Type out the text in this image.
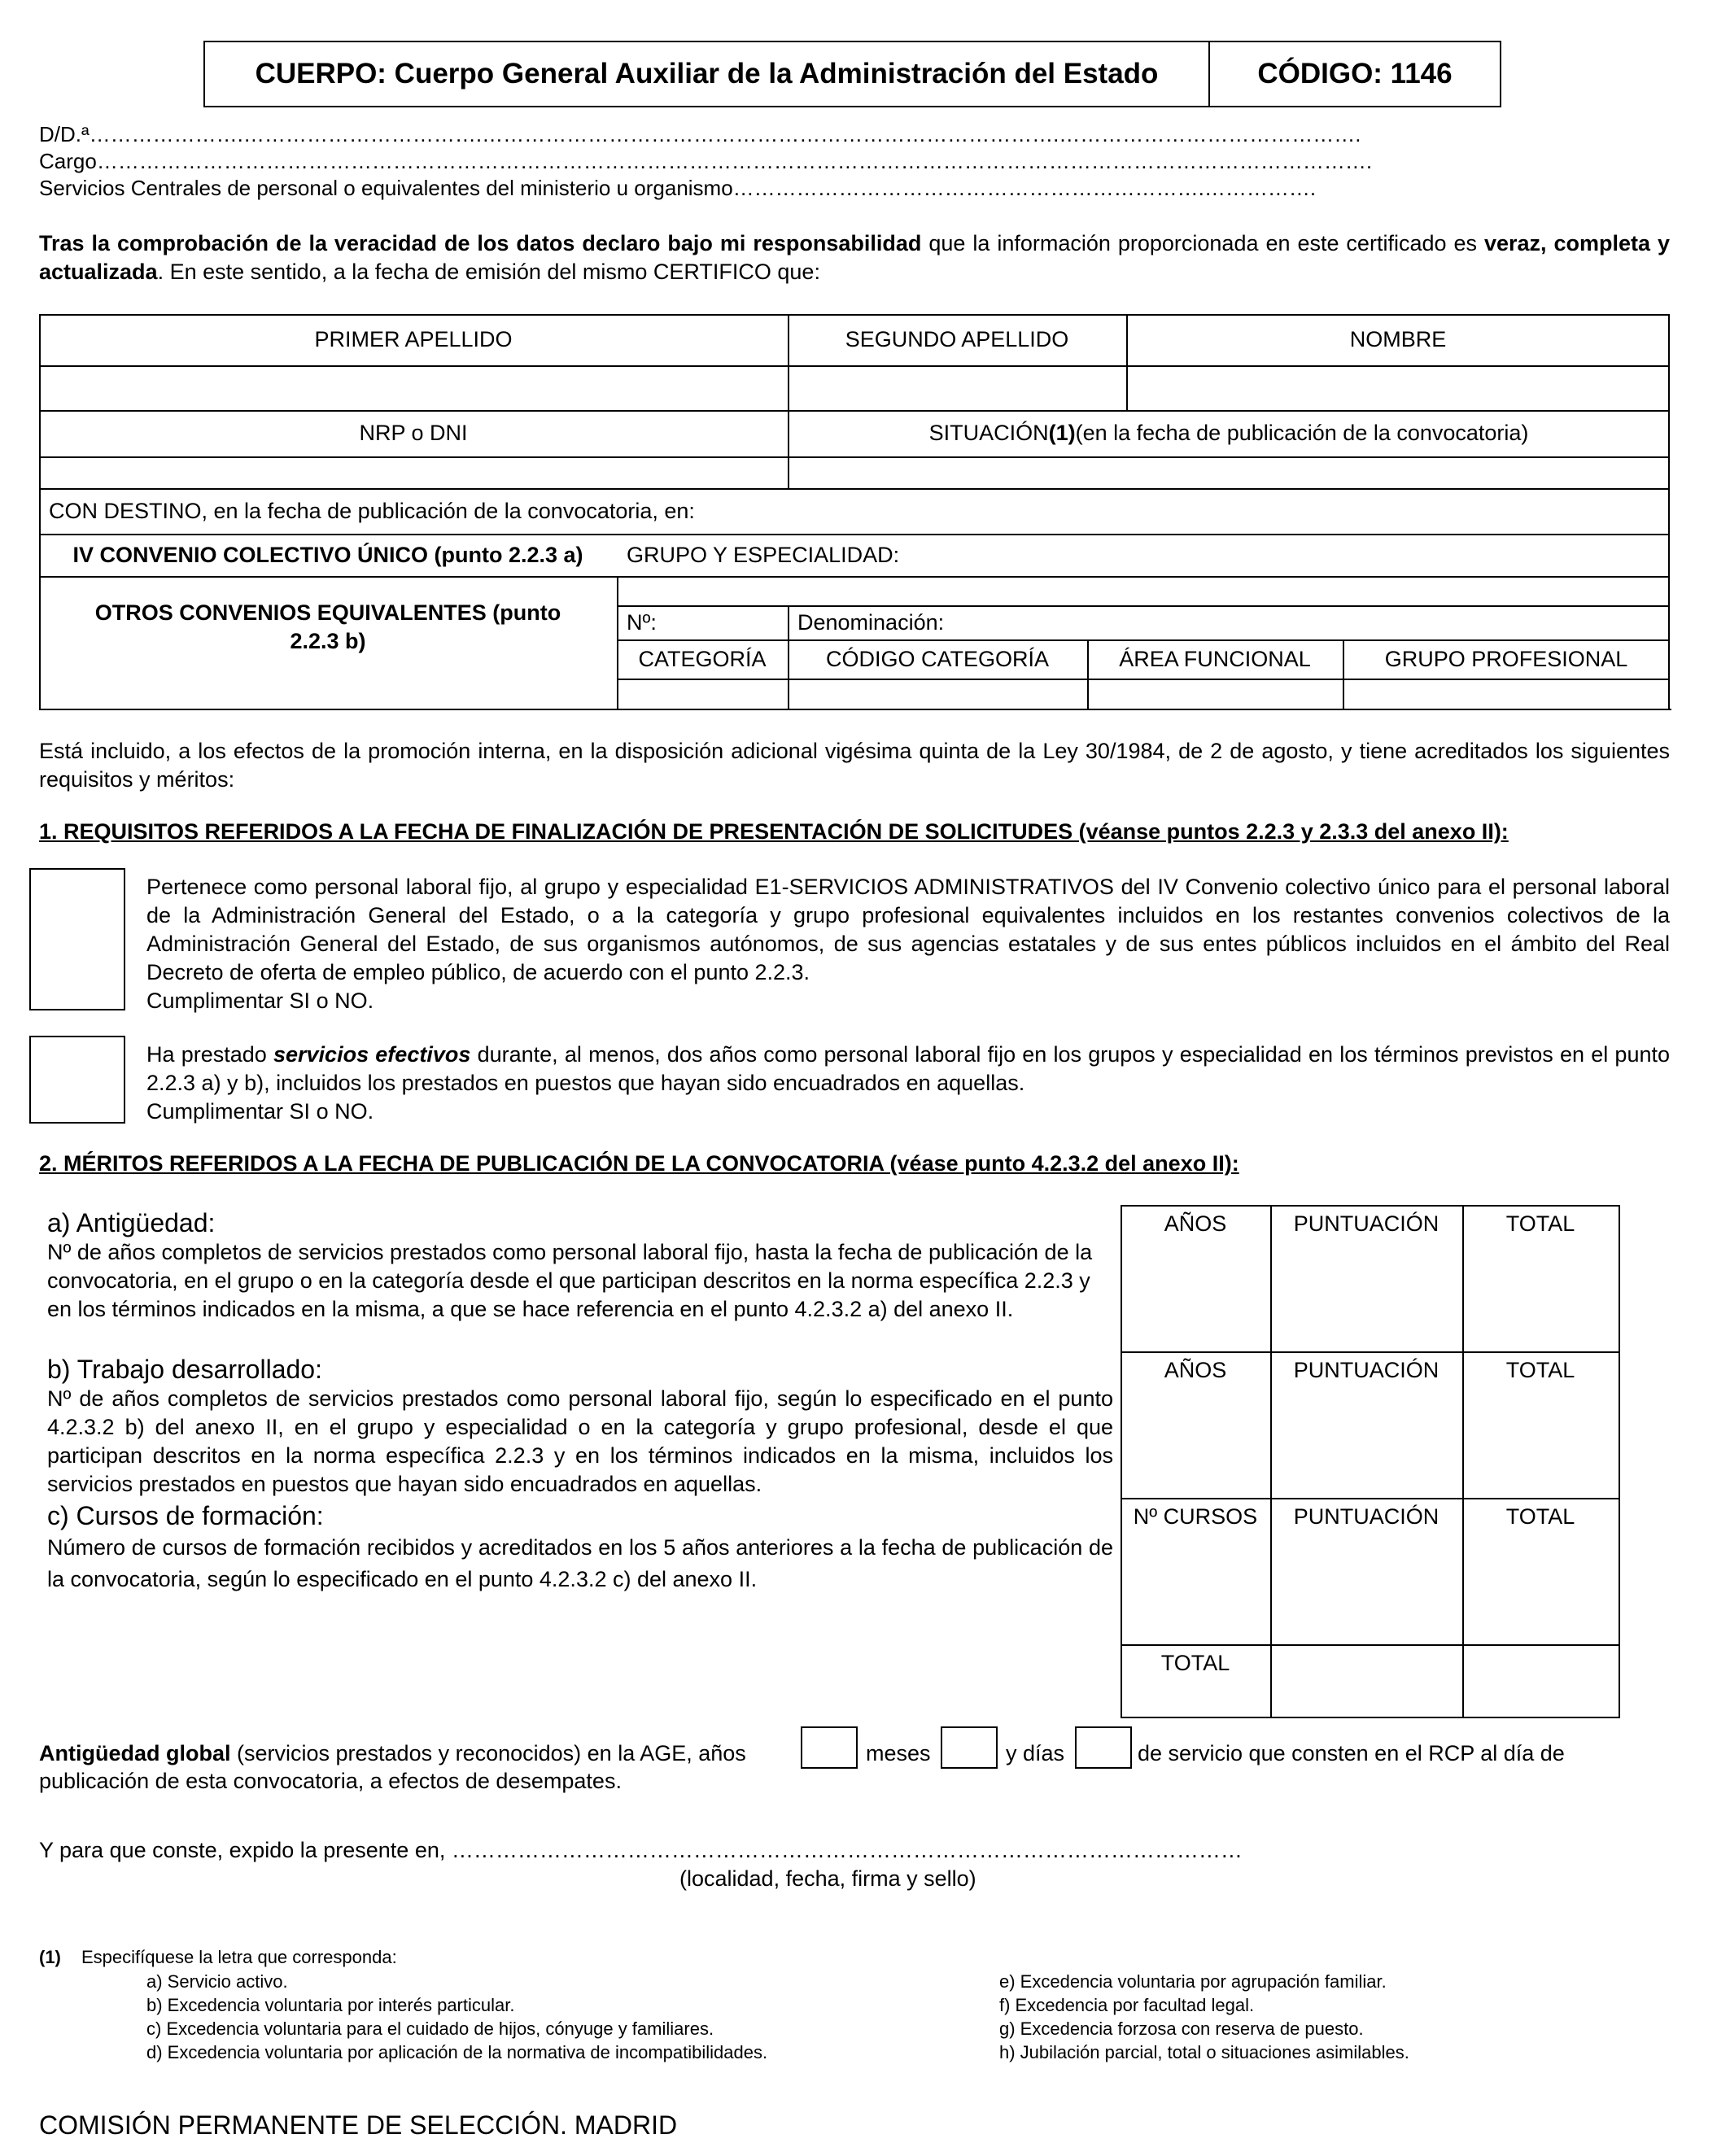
CUERPO: Cuerpo General Auxiliar de la Administración del Estado	CÓDIGO: 1146
D/D.ª………………….…………………………….……………………………………………………………………….…………………………………….
Cargo……………………………………………………………………………………………………………………………………………………………….
Servicios Centrales de personal o equivalentes del ministerio u organismo………………………………………………………….…………….
Tras la comprobación de la veracidad de los datos declaro bajo mi responsabilidad que la información proporcionada en este certificado es veraz, completa y actualizada. En este sentido, a la fecha de emisión del mismo CERTIFICO que:
PRIMER APELLIDO	SEGUNDO APELLIDO	NOMBRE
NRP o DNI	SITUACIÓN (1) (en la fecha de publicación de la convocatoria)
CON DESTINO, en la fecha de publicación de la convocatoria, en:
IV CONVENIO COLECTIVO ÚNICO (punto 2.2.3 a)	GRUPO Y ESPECIALIDAD:
OTROS CONVENIOS EQUIVALENTES (punto 2.2.3 b)
Nº:	Denominación:
CATEGORÍA	CÓDIGO CATEGORÍA	ÁREA FUNCIONAL	GRUPO PROFESIONAL
Está incluido, a los efectos de la promoción interna, en la disposición adicional vigésima quinta de la Ley 30/1984, de 2 de agosto, y tiene acreditados los siguientes requisitos y méritos:
1. REQUISITOS REFERIDOS A LA FECHA DE FINALIZACIÓN DE PRESENTACIÓN DE SOLICITUDES (véanse puntos 2.2.3 y 2.3.3 del anexo II):
Pertenece como personal laboral fijo, al grupo y especialidad E1-SERVICIOS ADMINISTRATIVOS del IV Convenio colectivo único para el personal laboral de la Administración General del Estado, o a la categoría y grupo profesional equivalentes incluidos en los restantes convenios colectivos de la Administración General del Estado, de sus organismos autónomos, de sus agencias estatales y de sus entes públicos incluidos en el ámbito del Real Decreto de oferta de empleo público, de acuerdo con el punto 2.2.3.
Cumplimentar SI o NO.
Ha prestado servicios efectivos durante, al menos, dos años como personal laboral fijo en los grupos y especialidad en los términos previstos en el punto 2.2.3 a) y b), incluidos los prestados en puestos que hayan sido encuadrados en aquellas.
Cumplimentar SI o NO.
2. MÉRITOS REFERIDOS A LA FECHA DE PUBLICACIÓN DE LA CONVOCATORIA (véase punto 4.2.3.2 del anexo II):
a) Antigüedad:
Nº de años completos de servicios prestados como personal laboral fijo, hasta la fecha de publicación de la convocatoria, en el grupo o en la categoría desde el que participan descritos en la norma específica 2.2.3 y en los términos indicados en la misma, a que se hace referencia en el punto 4.2.3.2 a) del anexo II.
b) Trabajo desarrollado:
Nº de años completos de servicios prestados como personal laboral fijo, según lo especificado en el punto 4.2.3.2 b) del anexo II, en el grupo y especialidad o en la categoría y grupo profesional, desde el que participan descritos en la norma específica 2.2.3 y en los términos indicados en la misma, incluidos los servicios prestados en puestos que hayan sido encuadrados en aquellas.
c) Cursos de formación:
Número de cursos de formación recibidos y acreditados en los 5 años anteriores a la fecha de publicación de la convocatoria, según lo especificado en el punto 4.2.3.2 c) del anexo II.
AÑOS	PUNTUACIÓN	TOTAL
AÑOS	PUNTUACIÓN	TOTAL
Nº CURSOS	PUNTUACIÓN	TOTAL
TOTAL
Antigüedad global (servicios prestados y reconocidos) en la AGE, años	meses	y días	de servicio que consten en el RCP al día de
publicación de esta convocatoria, a efectos de desempates.
Y para que conste, expido la presente en, ………………………………………………………………………………………………
(localidad, fecha, firma y sello)
(1) Especifíquese la letra que corresponda:
a) Servicio activo.
b) Excedencia voluntaria por interés particular.
c) Excedencia voluntaria para el cuidado de hijos, cónyuge y familiares.
d) Excedencia voluntaria por aplicación de la normativa de incompatibilidades.
e) Excedencia voluntaria por agrupación familiar.
f) Excedencia por facultad legal.
g) Excedencia forzosa con reserva de puesto.
h) Jubilación parcial, total o situaciones asimilables.
COMISIÓN PERMANENTE DE SELECCIÓN. MADRID
